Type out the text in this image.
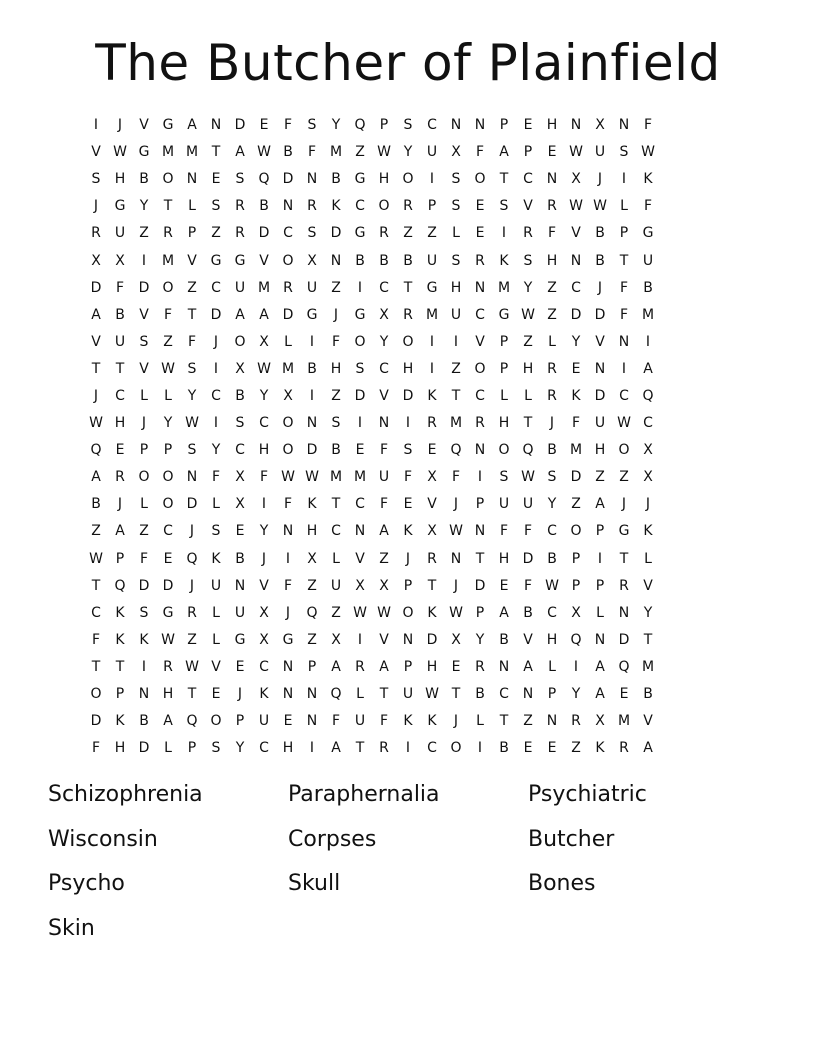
The Butcher of Plainfield
I	J	V G A N D	E	F	S	Y	Q	P	S	C N N	P	E	H N X N	F
V W G M M T	A W B	F M Z W Y	U	X	F	A	P	E W U	S W
S	H B O N	E	S	Q D N B G H O	I	S	O	T	C N X	J	I	K
J	G	Y	T	L	S	R	B N R	K	C O R	P	S	E	S	V	R W W L	F
R	U	Z	R	P	Z	R D C	S	D G R	Z	Z	L	E	I	R	F	V	B	P	G
X	X	I	M V G G V O X N B	B	B	U	S	R	K	S	H N B	T	U
D	F	D O Z	C U M R	U	Z	I	C	T	G H N M Y	Z	C	J	F	B
A	B	V	F	T	D A	A D G	J	G X	R M U C G W Z D D	F M
V	U	S	Z	F	J	O X	L	I	F	O	Y	O	I	I	V	P	Z	L	Y	V N	I
T	T	V W S	I	X W M B H	S	C H	I	Z O	P	H R	E	N	I	A
J	C	L	L	Y	C	B	Y	X	I	Z D V D	K	T	C	L	L	R	K	D C Q
W H	J	Y W	I	S	C O N	S	I	N	I	R M R H	T	J	F	U W C
Q	E	P	P	S	Y	C H O D B	E	F	S	E	Q N O Q B M H O X
A	R O O N	F	X	F W W M M U	F	X	F	I	S W S	D Z	Z	X
B	J	L	O D	L	X	I	F	K	T	C	F	E	V	J	P	U U	Y	Z	A	J	J
Z	A	Z	C	J	S	E	Y	N H C N A	K	X W N	F	F	C O	P	G K
W P	F	E	Q K	B	J	I	X	L	V	Z	J	R N	T	H D B	P	I	T	L
T	Q D D	J	U N V	F	Z	U	X	X	P	T	J	D	E	F W P	P	R	V
C	K	S	G R	L	U	X	J	Q Z W W O K W P	A	B	C	X	L	N	Y
F	K	K W Z	L	G X G Z	X	I	V N D X	Y	B	V H Q N D	T
T	T	I	R W V	E	C N	P	A	R	A	P	H	E	R N A	L	I	A Q M
O	P	N H	T	E	J	K	N N Q	L	T	U W T	B	C N	P	Y	A	E	B
D	K	B	A Q O	P	U	E	N	F	U	F	K	K	J	L	T	Z N R	X M V
F	H D	L	P	S	Y	C H	I	A	T	R	I	C O	I	B	E	E	Z	K	R	A
Schizophrenia	Paraphernalia	Psychiatric
Wisconsin	Corpses	Butcher
Psycho	Skull	Bones
Skin
